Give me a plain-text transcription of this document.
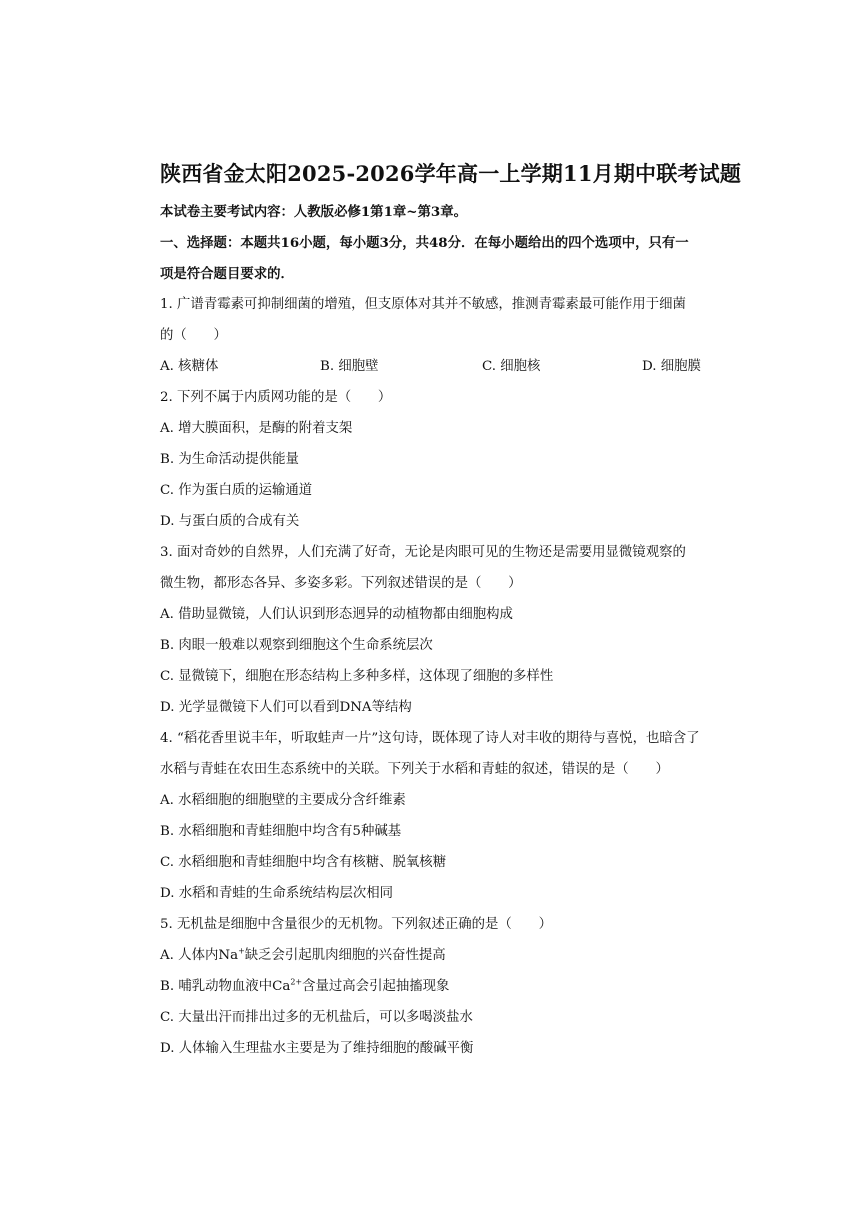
陕西省金太阳2025-2026学年高一上学期11月期中联考试题
本试卷主要考试内容：人教版必修1第1章~第3章。
一、选择题：本题共16小题，每小题3分，共48分．在每小题给出的四个选项中，只有一
项是符合题目要求的．
1. 广谱青霉素可抑制细菌的增殖，但支原体对其并不敏感，推测青霉素最可能作用于细菌
的（　　）
A. 核糖体	B. 细胞壁	C. 细胞核	D. 细胞膜
2. 下列不属于内质网功能的是（　　）
A. 增大膜面积，是酶的附着支架
B. 为生命活动提供能量
C. 作为蛋白质的运输通道
D. 与蛋白质的合成有关
3. 面对奇妙的自然界，人们充满了好奇，无论是肉眼可见的生物还是需要用显微镜观察的
微生物，都形态各异、多姿多彩。下列叙述错误的是（　　）
A. 借助显微镜，人们认识到形态迥异的动植物都由细胞构成
B. 肉眼一般难以观察到细胞这个生命系统层次
C. 显微镜下，细胞在形态结构上多种多样，这体现了细胞的多样性
D. 光学显微镜下人们可以看到DNA等结构
4. “稻花香里说丰年，听取蛙声一片”这句诗，既体现了诗人对丰收的期待与喜悦，也暗含了
水稻与青蛙在农田生态系统中的关联。下列关于水稻和青蛙的叙述，错误的是（　　）
A. 水稻细胞的细胞壁的主要成分含纤维素
B. 水稻细胞和青蛙细胞中均含有5种碱基
C. 水稻细胞和青蛙细胞中均含有核糖、脱氧核糖
D. 水稻和青蛙的生命系统结构层次相同
5. 无机盐是细胞中含量很少的无机物。下列叙述正确的是（　　）
A. 人体内Na+缺乏会引起肌肉细胞的兴奋性提高
B. 哺乳动物血液中$Ca^{2+}$含量过高会引起抽搐现象
C. 大量出汗而排出过多的无机盐后，可以多喝淡盐水
D. 人体输入生理盐水主要是为了维持细胞的酸碱平衡
